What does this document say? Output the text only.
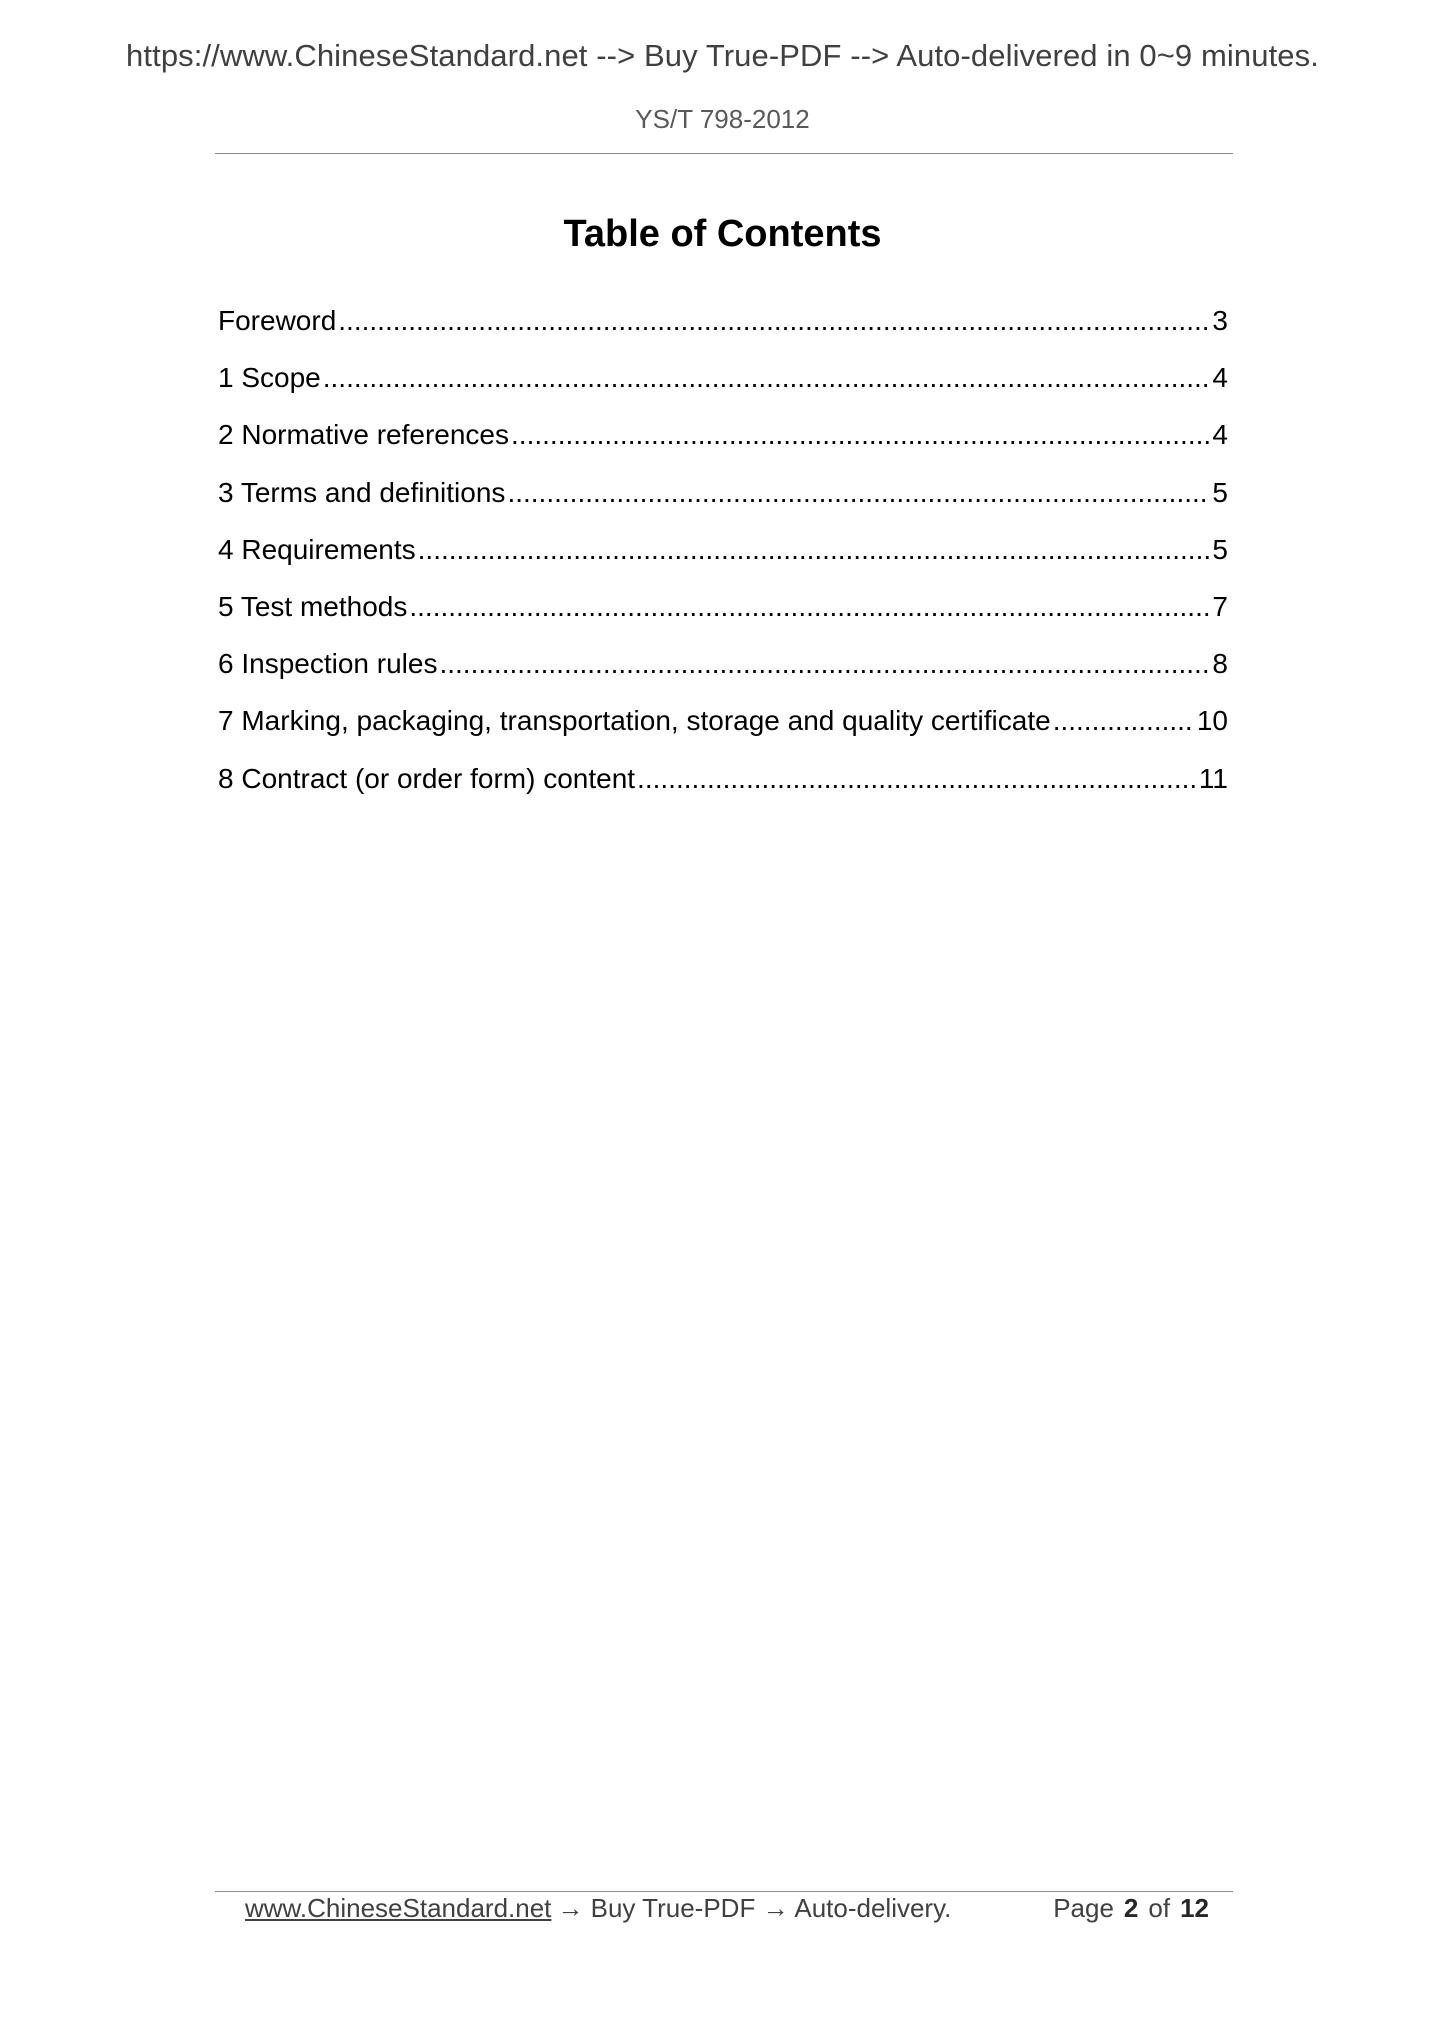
https://www.ChineseStandard.net --> Buy True-PDF --> Auto-delivered in 0~9 minutes.
YS/T 798-2012
Table of Contents
Foreword .....	3
1 Scope .....	4
2 Normative references .....	4
3 Terms and definitions .....	5
4 Requirements .....	5
5 Test methods .....	7
6 Inspection rules .....	8
7 Marking, packaging, transportation, storage and quality certificate .....	10
8 Contract (or order form) content .....	11
www.ChineseStandard.net → Buy True-PDF → Auto-delivery.	Page 2 of 12
